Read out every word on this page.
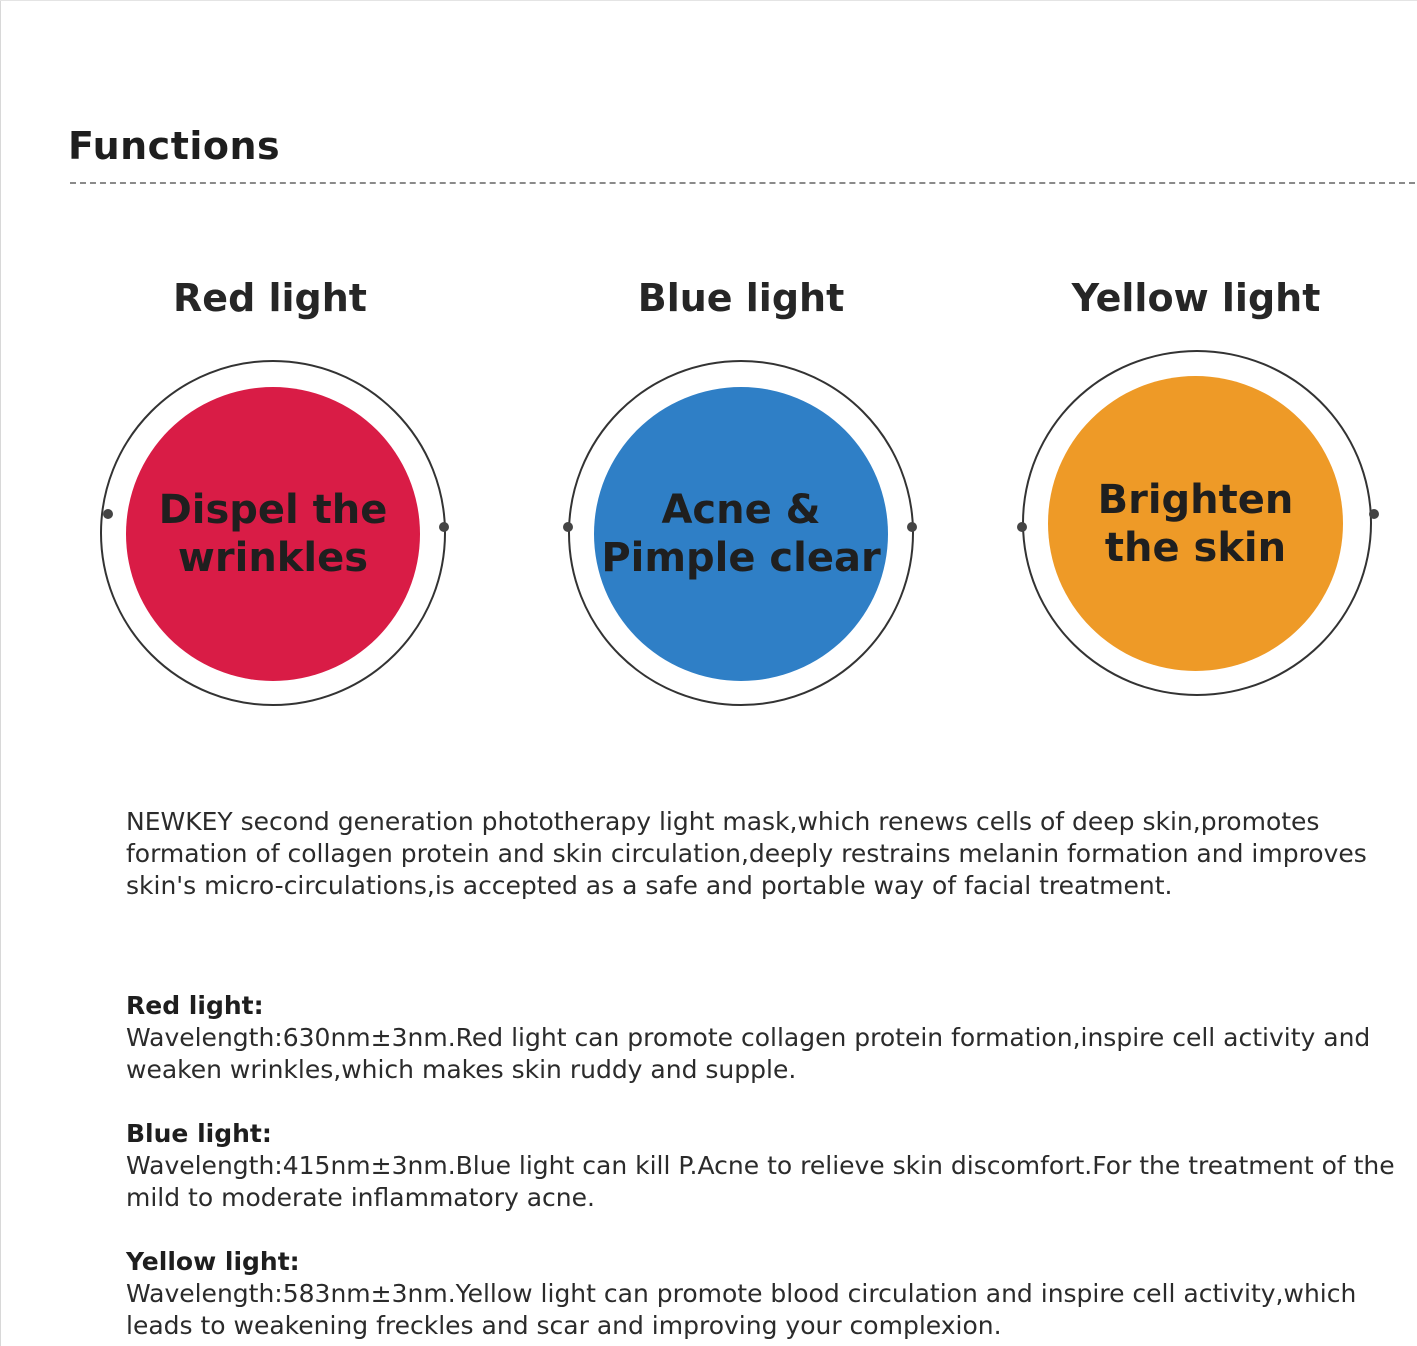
Functions
Red light
Dispel the
wrinkles
Blue light
Acne &
Pimple clear
Yellow light
Brighten
the skin

NEWKEY second generation phototherapy light mask,which renews cells of deep skin,promotes formation of collagen protein and skin circulation,deeply restrains melanin formation and improves skin's micro-circulations,is accepted as a safe and portable way of facial treatment.

Red light:

Wavelength:630nm±3nm.Red light can promote collagen protein formation,inspire cell activity and weaken wrinkles,which makes skin ruddy and supple.

Blue light:

Wavelength:415nm±3nm.Blue light can kill P.Acne to relieve skin discomfort.For the treatment of the mild to moderate inflammatory acne.

Yellow light:

Wavelength:583nm±3nm.Yellow light can promote blood circulation and inspire cell activity,which leads to weakening freckles and scar and improving your complexion.
